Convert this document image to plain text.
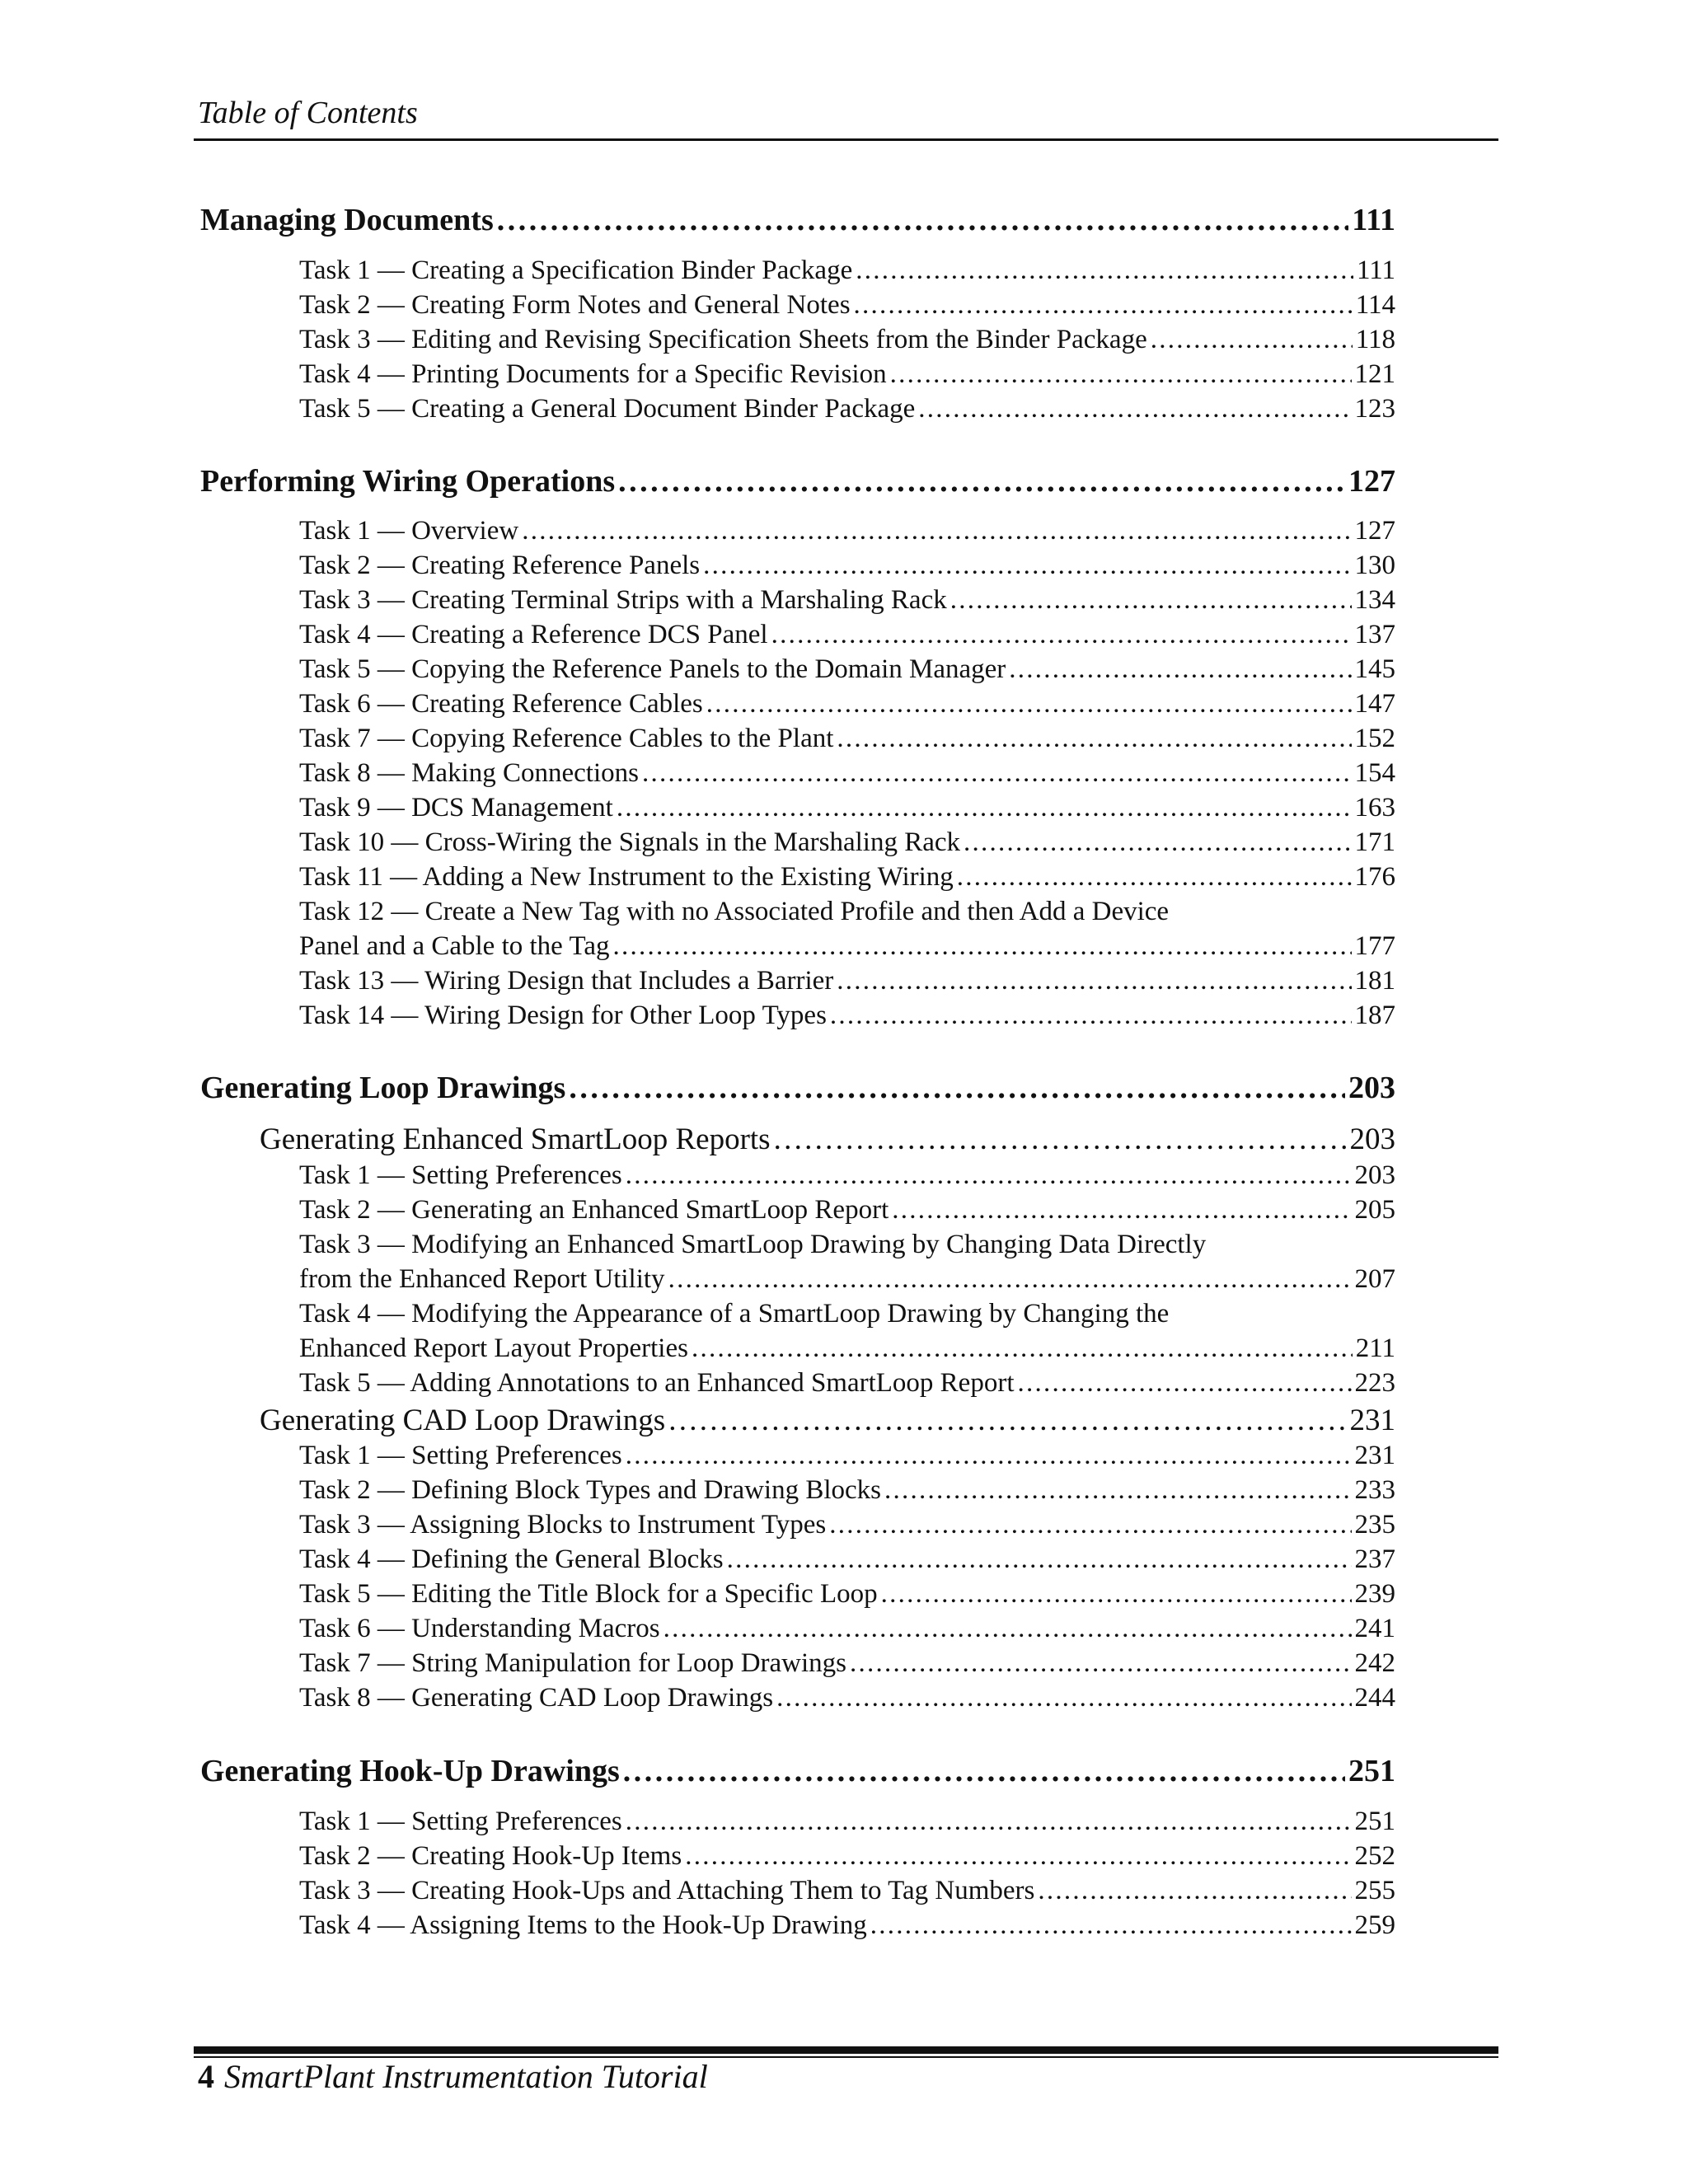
Table of Contents
Managing Documents . . .	111
Task 1 — Creating a Specification Binder Package . . .	111
Task 2 — Creating Form Notes and General Notes . . .	114
Task 3 — Editing and Revising Specification Sheets from the Binder Package . . .	118
Task 4 — Printing Documents for a Specific Revision . . .	121
Task 5 — Creating a General Document Binder Package . . .	123
Performing Wiring Operations . . .	127
Task 1 — Overview . . .	127
Task 2 — Creating Reference Panels . . .	130
Task 3 — Creating Terminal Strips with a Marshaling Rack . . .	134
Task 4 — Creating a Reference DCS Panel . . .	137
Task 5 — Copying the Reference Panels to the Domain Manager . . .	145
Task 6 — Creating Reference Cables . . .	147
Task 7 — Copying Reference Cables to the Plant . . .	152
Task 8 — Making Connections . . .	154
Task 9 — DCS Management . . .	163
Task 10 — Cross-Wiring the Signals in the Marshaling Rack . . .	171
Task 11 — Adding a New Instrument to the Existing Wiring . . .	176
Task 12 — Create a New Tag with no Associated Profile and then Add a Device
Panel and a Cable to the Tag . . .	177
Task 13 — Wiring Design that Includes a Barrier . . .	181
Task 14 — Wiring Design for Other Loop Types . . .	187
Generating Loop Drawings . . .	203
Generating Enhanced SmartLoop Reports . . .	203
Task 1 — Setting Preferences . . .	203
Task 2 — Generating an Enhanced SmartLoop Report . . .	205
Task 3 — Modifying an Enhanced SmartLoop Drawing by Changing Data Directly
from the Enhanced Report Utility . . .	207
Task 4 — Modifying the Appearance of a SmartLoop Drawing by Changing the
Enhanced Report Layout Properties . . .	211
Task 5 — Adding Annotations to an Enhanced SmartLoop Report . . .	223
Generating CAD Loop Drawings . . .	231
Task 1 — Setting Preferences . . .	231
Task 2 — Defining Block Types and Drawing Blocks . . .	233
Task 3 — Assigning Blocks to Instrument Types . . .	235
Task 4 — Defining the General Blocks . . .	237
Task 5 — Editing the Title Block for a Specific Loop . . .	239
Task 6 — Understanding Macros . . .	241
Task 7 — String Manipulation for Loop Drawings . . .	242
Task 8 — Generating CAD Loop Drawings . . .	244
Generating Hook-Up Drawings . . .	251
Task 1 — Setting Preferences . . .	251
Task 2 — Creating Hook-Up Items . . .	252
Task 3 — Creating Hook-Ups and Attaching Them to Tag Numbers . . .	255
Task 4 — Assigning Items to the Hook-Up Drawing . . .	259
4 SmartPlant Instrumentation Tutorial
